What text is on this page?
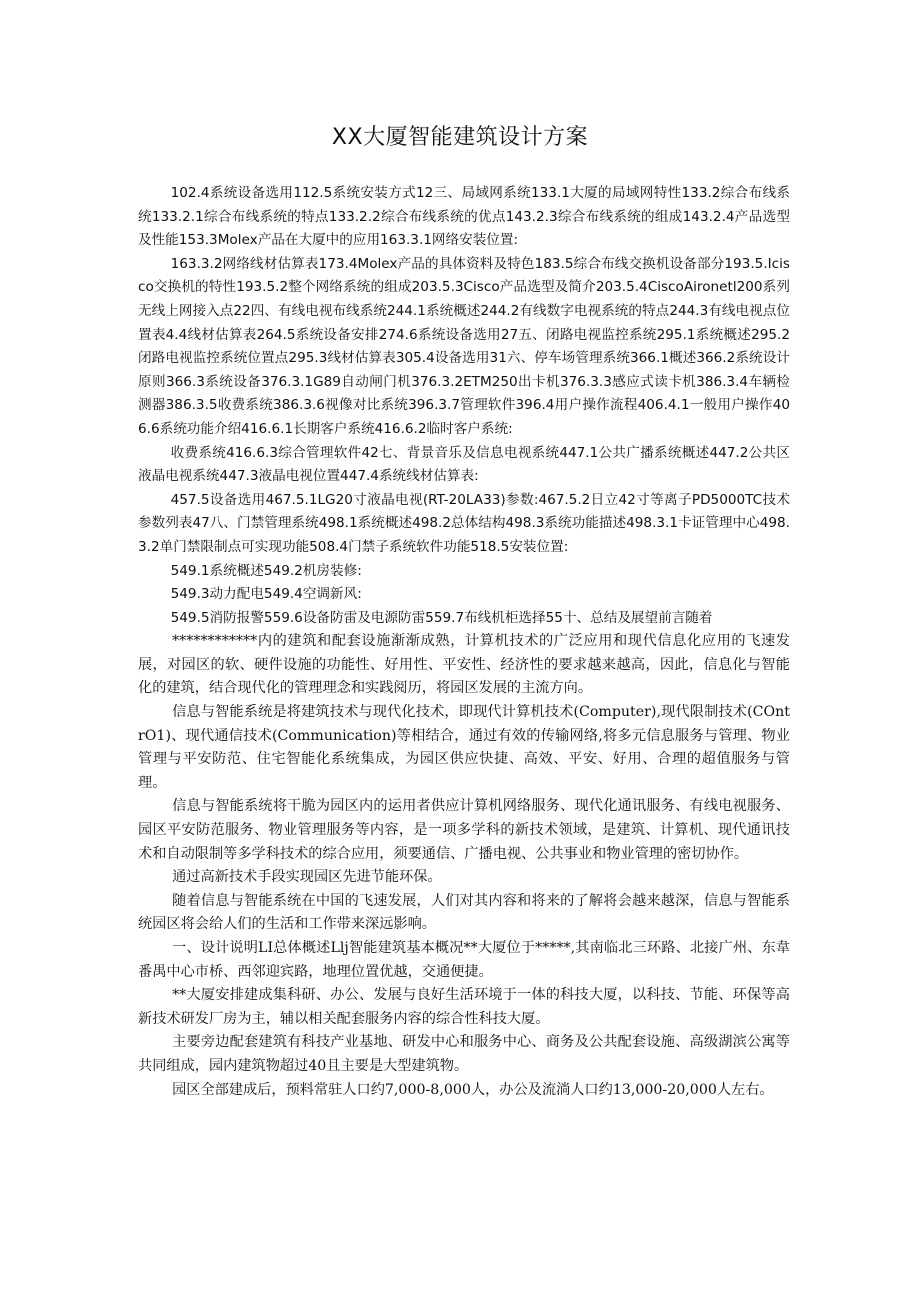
XX大厦智能建筑设计方案

102.4系统设备选用112.5系统安装方式12三、局域网系统133.1大厦的局域网特性133.2综合布线系统133.2.1综合布线系统的特点133.2.2综合布线系统的优点143.2.3综合布线系统的组成143.2.4产品选型及性能153.3Molex产品在大厦中的应用163.3.1网络安装位置:

163.3.2网络线材估算表173.4Molex产品的具体资料及特色183.5综合布线交换机设备部分193.5.Icisco交换机的特性193.5.2整个网络系统的组成203.5.3Cisco产品选型及简介203.5.4CiscoAironetl200系列无线上网接入点22四、有线电视布线系统244.1系统概述244.2有线数字电视系统的特点244.3有线电视点位置表4.4线材估算表264.5系统设备安排274.6系统设备选用27五、闭路电视监控系统295.1系统概述295.2闭路电视监控系统位置点295.3线材估算表305.4设备选用31六、停车场管理系统366.1概述366.2系统设计原则366.3系统设备376.3.1G89自动闸门机376.3.2ETM250出卡机376.3.3感应式读卡机386.3.4车辆检测器386.3.5收费系统386.3.6视像对比系统396.3.7管理软件396.4用户操作流程406.4.1一般用户操作406.6系统功能介绍416.6.1长期客户系统416.6.2临时客户系统:

收费系统416.6.3综合管理软件42七、背景音乐及信息电视系统447.1公共广播系统概述447.2公共区液晶电视系统447.3液晶电视位置447.4系统线材估算表:

457.5设备选用467.5.1LG20寸液晶电视(RT-20LA33)参数:467.5.2日立42寸等离子PD5000TC技术参数列表47八、门禁管理系统498.1系统概述498.2总体结构498.3系统功能描述498.3.1卡证管理中心498.3.2单门禁限制点可实现功能508.4门禁子系统软件功能518.5安装位置:

549.1系统概述549.2机房装修:

549.3动力配电549.4空调新风:

549.5消防报警559.6设备防雷及电源防雷559.7布线机柜选择55十、总结及展望前言随着

************内的建筑和配套设施渐渐成熟，计算机技术的广泛应用和现代信息化应用的飞速发展，对园区的软、硬件设施的功能性、好用性、平安性、经济性的要求越来越高，因此，信息化与智能化的建筑，结合现代化的管理理念和实践阅历，将园区发展的主流方向。

信息与智能系统是将建筑技术与现代化技术，即现代计算机技术(Computer),现代限制技术(COntrO1)、现代通信技术(Communication)等相结合，通过有效的传输网络,将多元信息服务与管理、物业管理与平安防范、住宅智能化系统集成，为园区供应快捷、高效、平安、好用、合理的超值服务与管理。

信息与智能系统将干脆为园区内的运用者供应计算机网络服务、现代化通讯服务、有线电视服务、园区平安防范服务、物业管理服务等内容，是一项多学科的新技术领域，是建筑、计算机、现代通讯技术和自动限制等多学科技术的综合应用，须要通信、广播电视、公共事业和物业管理的密切协作。

通过高新技术手段实现园区先进节能环保。

随着信息与智能系统在中国的飞速发展，人们对其内容和将来的了解将会越来越深，信息与智能系统园区将会给人们的生活和工作带来深远影响。

一、设计说明LI总体概述Llj智能建筑基本概况**大厦位于*****,其南临北三环路、北接广州、东韋番禺中心市桥、西邻迎宾路，地理位置优越，交通便捷。

**大厦安排建成集科研、办公、发展与良好生活环境于一体的科技大厦，以科技、节能、环保等高新技术研发厂房为主，辅以相关配套服务内容的综合性科技大厦。

主要旁边配套建筑有科技产业基地、研发中心和服务中心、商务及公共配套设施、高级湖滨公寓等共同组成，园内建筑物超过40且主要是大型建筑物。

园区全部建成后，预料常驻人口约7,000-8,000人，办公及流淌人口约13,000-20,000人左右。
